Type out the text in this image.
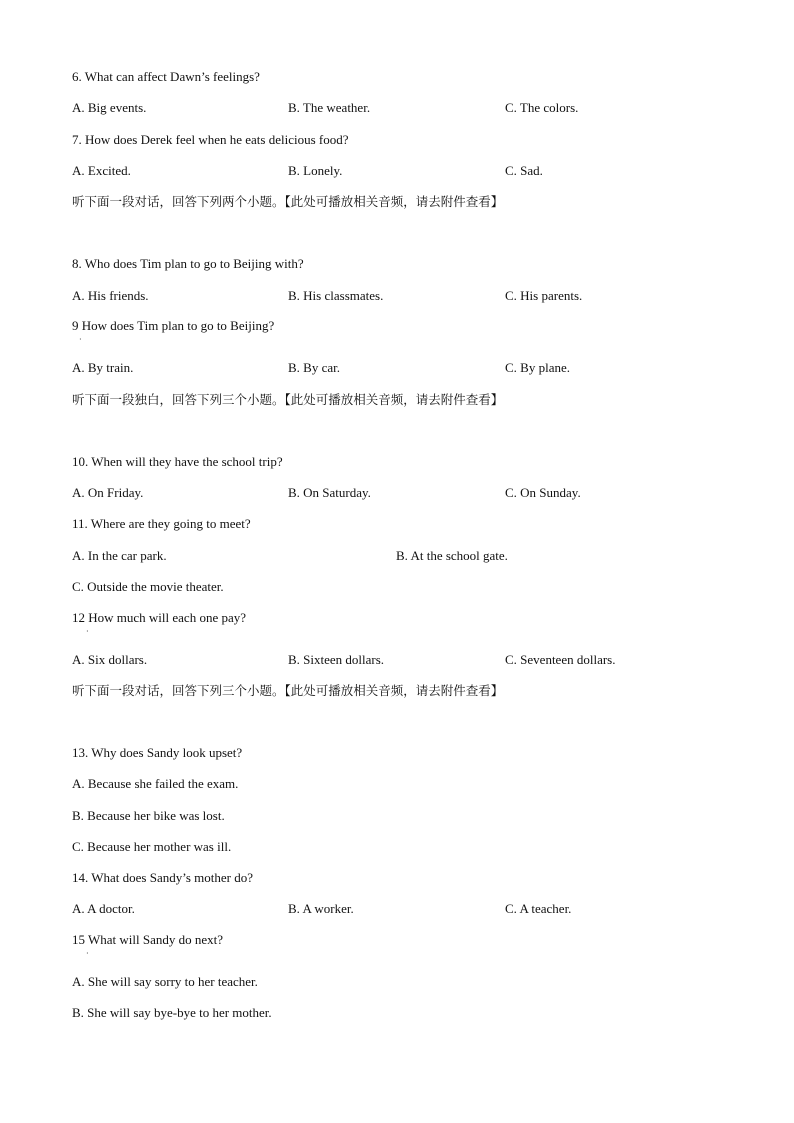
6. What can affect Dawn’s feelings?
A. Big events.	B. The weather.	C. The colors.
7. How does Derek feel when he eats delicious food?
A. Excited.	B. Lonely.	C. Sad.
听下面一段对话，回答下列两个小题。【此处可播放相关音频，请去附件查看】
8. Who does Tim plan to go to Beijing with?
A. His friends.	B. His classmates.	C. His parents.
9 How does Tim plan to go to Beijing?
·
A. By train.	B. By car.	C. By plane.
听下面一段独白，回答下列三个小题。【此处可播放相关音频，请去附件查看】
10. When will they have the school trip?
A. On Friday.	B. On Saturday.	C. On Sunday.
11. Where are they going to meet?
A. In the car park.	B. At the school gate.
C. Outside the movie theater.
12 How much will each one pay?
·
A. Six dollars.	B. Sixteen dollars.	C. Seventeen dollars.
听下面一段对话，回答下列三个小题。【此处可播放相关音频，请去附件查看】
13. Why does Sandy look upset?
A. Because she failed the exam.
B. Because her bike was lost.
C. Because her mother was ill.
14. What does Sandy’s mother do?
A. A doctor.	B. A worker.	C. A teacher.
15 What will Sandy do next?
·
A. She will say sorry to her teacher.
B. She will say bye-bye to her mother.
